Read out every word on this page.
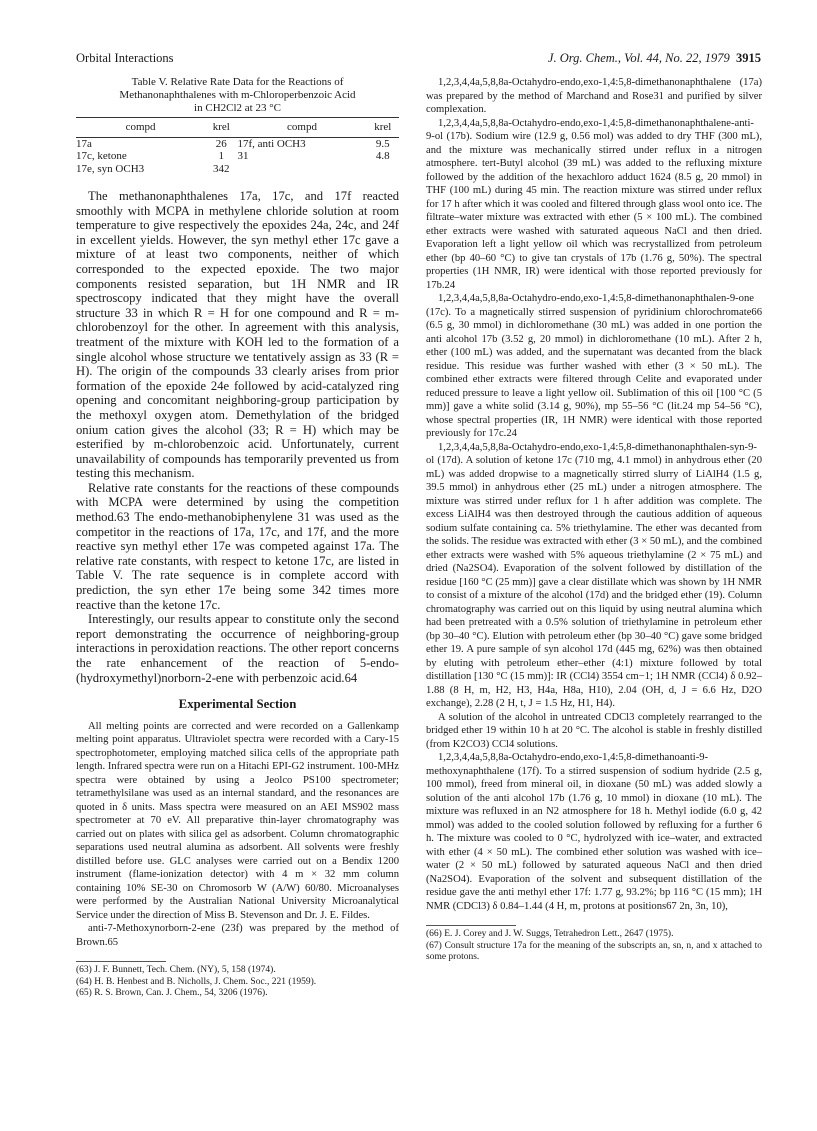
Orbital Interactions	J. Org. Chem., Vol. 44, No. 22, 1979 3915
Table V. Relative Rate Data for the Reactions of
Methanonaphthalenes with m-Chloroperbenzoic Acid
in CH2Cl2 at 23 °C
compd	krel	compd	krel
17a	26	17f, anti OCH3	9.5
17c, ketone	1	31	4.8
17e, syn OCH3	342		

The methanonaphthalenes 17a, 17c, and 17f reacted smoothly with MCPA in methylene chloride solution at room temperature to give respectively the epoxides 24a, 24c, and 24f in excellent yields. However, the syn methyl ether 17c gave a mixture of at least two components, neither of which corresponded to the expected epoxide. The two major components resisted separation, but 1H NMR and IR spectroscopy indicated that they might have the overall structure 33 in which R = H for one compound and R = m-chlorobenzoyl for the other. In agreement with this analysis, treatment of the mixture with KOH led to the formation of a single alcohol whose structure we tentatively assign as 33 (R = H). The origin of the compounds 33 clearly arises from prior formation of the epoxide 24e followed by acid-catalyzed ring opening and concomitant neighboring-group participation by the methoxyl oxygen atom. Demethylation of the bridged onium cation gives the alcohol (33; R = H) which may be esterified by m-chlorobenzoic acid. Unfortunately, current unavailability of compounds has temporarily prevented us from testing this mechanism.

Relative rate constants for the reactions of these compounds with MCPA were determined by using the competition method.63 The endo-methanobiphenylene 31 was used as the competitor in the reactions of 17a, 17c, and 17f, and the more reactive syn methyl ether 17e was competed against 17a. The relative rate constants, with respect to ketone 17c, are listed in Table V. The rate sequence is in complete accord with prediction, the syn ether 17e being some 342 times more reactive than the ketone 17c.

Interestingly, our results appear to constitute only the second report demonstrating the occurrence of neighboring-group interactions in peroxidation reactions. The other report concerns the rate enhancement of the reaction of 5-endo-(hydroxymethyl)norborn-2-ene with perbenzoic acid.64

Experimental Section

All melting points are corrected and were recorded on a Gallenkamp melting point apparatus. Ultraviolet spectra were recorded with a Cary-15 spectrophotometer, employing matched silica cells of the appropriate path length. Infrared spectra were run on a Hitachi EPI-G2 instrument. 100-MHz spectra were obtained by using a Jeolco PS100 spectrometer; tetramethylsilane was used as an internal standard, and the resonances are quoted in δ units. Mass spectra were measured on an AEI MS902 mass spectrometer at 70 eV. All preparative thin-layer chromatography was carried out on plates with silica gel as adsorbent. Column chromatographic separations used neutral alumina as adsorbent. All solvents were freshly distilled before use. GLC analyses were carried out on a Bendix 1200 instrument (flame-ionization detector) with 4 m × 32 mm column containing 10% SE-30 on Chromosorb W (A/W) 60/80. Microanalyses were performed by the Australian National University Microanalytical Service under the direction of Miss B. Stevenson and Dr. J. E. Fildes.

anti-7-Methoxynorborn-2-ene (23f) was prepared by the method of Brown.65

(63) J. F. Bunnett, Tech. Chem. (NY), 5, 158 (1974).

(64) H. B. Henbest and B. Nicholls, J. Chem. Soc., 221 (1959).

(65) R. S. Brown, Can. J. Chem., 54, 3206 (1976).

1,2,3,4,4a,5,8,8a-Octahydro-endo,exo-1,4:5,8-dimethanonaphthalene (17a) was prepared by the method of Marchand and Rose31 and purified by silver complexation.

1,2,3,4,4a,5,8,8a-Octahydro-endo,exo-1,4:5,8-dimethanonaphthalene-anti-9-ol (17b). Sodium wire (12.9 g, 0.56 mol) was added to dry THF (300 mL), and the mixture was mechanically stirred under reflux in a nitrogen atmosphere. tert-Butyl alcohol (39 mL) was added to the refluxing mixture followed by the addition of the hexachloro adduct 1624 (8.5 g, 20 mmol) in THF (100 mL) during 45 min. The reaction mixture was stirred under reflux for 17 h after which it was cooled and filtered through glass wool onto ice. The filtrate–water mixture was extracted with ether (5 × 100 mL). The combined ether extracts were washed with saturated aqueous NaCl and then dried. Evaporation left a light yellow oil which was recrystallized from petroleum ether (bp 40–60 °C) to give tan crystals of 17b (1.76 g, 50%). The spectral properties (1H NMR, IR) were identical with those reported previously for 17b.24

1,2,3,4,4a,5,8,8a-Octahydro-endo,exo-1,4:5,8-dimethanonaphthalen-9-one (17c). To a magnetically stirred suspension of pyridinium chlorochromate66 (6.5 g, 30 mmol) in dichloromethane (30 mL) was added in one portion the anti alcohol 17b (3.52 g, 20 mmol) in dichloromethane (10 mL). After 2 h, ether (100 mL) was added, and the supernatant was decanted from the black residue. This residue was further washed with ether (3 × 50 mL). The combined ether extracts were filtered through Celite and evaporated under reduced pressure to leave a light yellow oil. Sublimation of this oil [100 °C (5 mm)] gave a white solid (3.14 g, 90%), mp 55–56 °C (lit.24 mp 54–56 °C), whose spectral properties (IR, 1H NMR) were identical with those reported previously for 17c.24

1,2,3,4,4a,5,8,8a-Octahydro-endo,exo-1,4:5,8-dimethanonaphthalen-syn-9-ol (17d). A solution of ketone 17c (710 mg, 4.1 mmol) in anhydrous ether (20 mL) was added dropwise to a magnetically stirred slurry of LiAlH4 (1.5 g, 39.5 mmol) in anhydrous ether (25 mL) under a nitrogen atmosphere. The mixture was stirred under reflux for 1 h after addition was complete. The excess LiAlH4 was then destroyed through the cautious addition of aqueous sodium sulfate containing ca. 5% triethylamine. The ether was decanted from the solids. The residue was extracted with ether (3 × 50 mL), and the combined ether extracts were washed with 5% aqueous triethylamine (2 × 75 mL) and dried (Na2SO4). Evaporation of the solvent followed by distillation of the residue [160 °C (25 mm)] gave a clear distillate which was shown by 1H NMR to consist of a mixture of the alcohol (17d) and the bridged ether (19). Column chromatography was carried out on this liquid by using neutral alumina which had been pretreated with a 0.5% solution of triethylamine in petroleum ether (bp 30–40 °C). Elution with petroleum ether (bp 30–40 °C) gave some bridged ether 19. A pure sample of syn alcohol 17d (445 mg, 62%) was then obtained by eluting with petroleum ether–ether (4:1) mixture followed by total distillation [130 °C (15 mm)]: IR (CCl4) 3554 cm−1; 1H NMR (CCl4) δ 0.92–1.88 (8 H, m, H2, H3, H4a, H8a, H10), 2.04 (OH, d, J = 6.6 Hz, D2O exchange), 2.28 (2 H, t, J = 1.5 Hz, H1, H4).

A solution of the alcohol in untreated CDCl3 completely rearranged to the bridged ether 19 within 10 h at 20 °C. The alcohol is stable in freshly distilled (from K2CO3) CCl4 solutions.

1,2,3,4,4a,5,8,8a-Octahydro-endo,exo-1,4:5,8-dimethanoanti-9-methoxynaphthalene (17f). To a stirred suspension of sodium hydride (2.5 g, 100 mmol), freed from mineral oil, in dioxane (50 mL) was added slowly a solution of the anti alcohol 17b (1.76 g, 10 mmol) in dioxane (10 mL). The mixture was refluxed in an N2 atmosphere for 18 h. Methyl iodide (6.0 g, 42 mmol) was added to the cooled solution followed by refluxing for a further 6 h. The mixture was cooled to 0 °C, hydrolyzed with ice–water, and extracted with ether (4 × 50 mL). The combined ether solution was washed with ice–water (2 × 50 mL) followed by saturated aqueous NaCl and then dried (Na2SO4). Evaporation of the solvent and subsequent distillation of the residue gave the anti methyl ether 17f: 1.77 g, 93.2%; bp 116 °C (15 mm); 1H NMR (CDCl3) δ 0.84–1.44 (4 H, m, protons at positions67 2n, 3n, 10),

(66) E. J. Corey and J. W. Suggs, Tetrahedron Lett., 2647 (1975).

(67) Consult structure 17a for the meaning of the subscripts an, sn, n, and x attached to some protons.
